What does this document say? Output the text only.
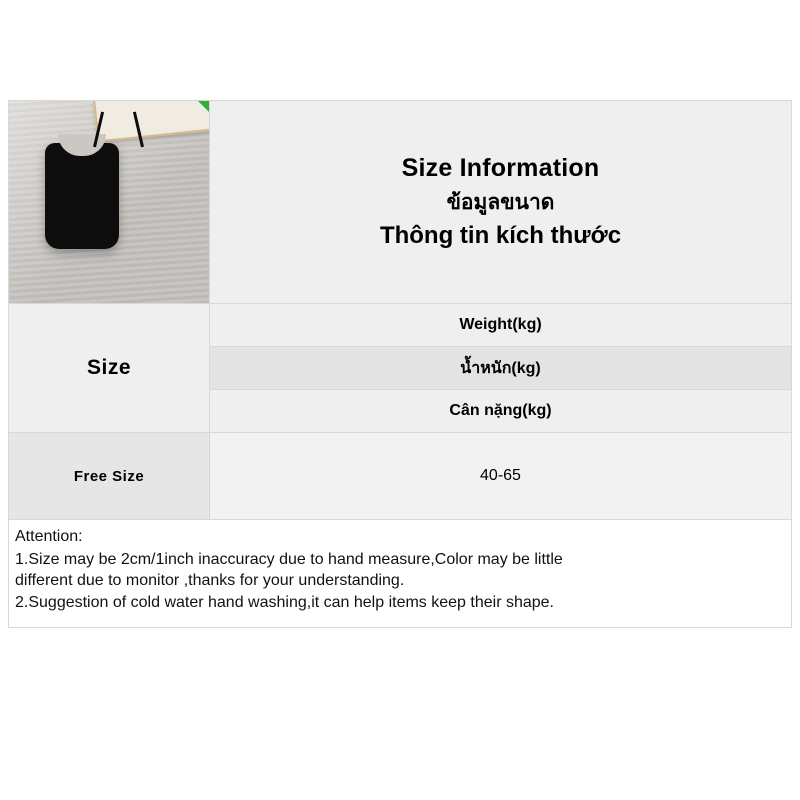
Size Information
ข้อมูลขนาด
Thông tin kích thước
Size
Weight(kg)
น้ำหนัก(kg)
Cân nặng(kg)
Free Size	40-65

Attention:

1.Size may be 2cm/1inch inaccuracy due to hand measure,Color may be little

different due to monitor ,thanks for your understanding.

2.Suggestion of cold water hand washing,it can help items keep their shape.
